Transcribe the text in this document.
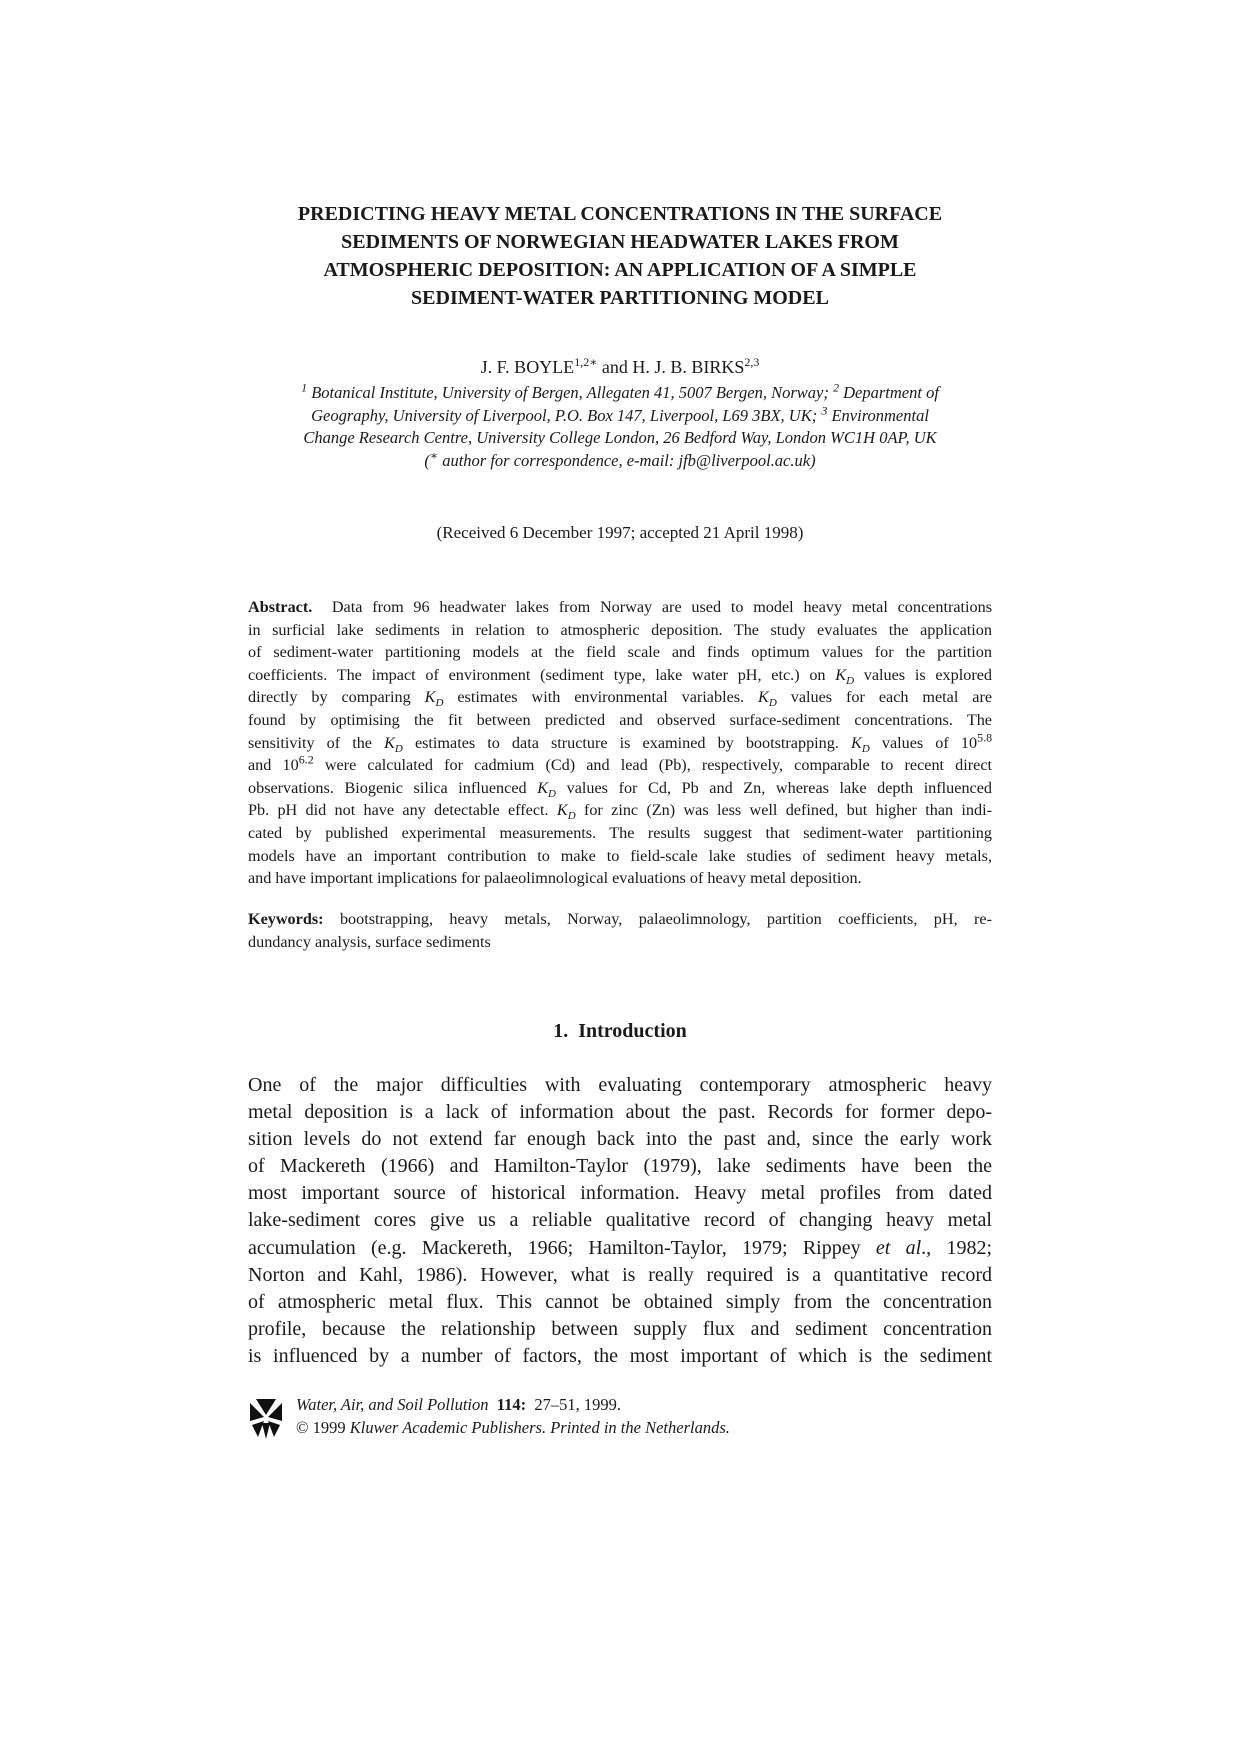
PREDICTING HEAVY METAL CONCENTRATIONS IN THE SURFACE
SEDIMENTS OF NORWEGIAN HEADWATER LAKES FROM
ATMOSPHERIC DEPOSITION: AN APPLICATION OF A SIMPLE
SEDIMENT-WATER PARTITIONING MODEL

J. F. $BOYLE^{1,2∗}$ and H. J. B. BIRKS$^{2,3}$

$^1$ Botanical Institute, University of Bergen, Allegaten 41, 5007 Bergen, Norway; $^2$ Department of
Geography, University of Liverpool, P.O. Box 147, Liverpool, L69 3BX, UK; $^3$ Environmental
Change Research Centre, University College London, 26 Bedford Way, London WC1H 0AP, UK
(∗ author for correspondence, e-mail: jfb@liverpool.ac.uk)

(Received 6 December 1997; accepted 21 April 1998)

Abstract. Data from 96 headwater lakes from Norway are used to model heavy metal concentrations
in surficial lake sediments in relation to atmospheric deposition. The study evaluates the application
of sediment-water partitioning models at the field scale and finds optimum values for the partition
coefficients. The impact of environment (sediment type, lake water pH, etc.) on $K_D$ values is explored
directly by comparing $K_D$ estimates with environmental variables. $K_D$ values for each metal are
found by optimising the fit between predicted and observed surface-sediment concentrations. The
sensitivity of the $K_D$ estimates to data structure is examined by bootstrapping. $K_D$ values of $10^{5.8}$
and $10^{6.2}$ were calculated for cadmium (Cd) and lead (Pb), respectively, comparable to recent direct
observations. Biogenic silica influenced $K_D$ values for Cd, Pb and Zn, whereas lake depth influenced
Pb. pH did not have any detectable effect. $K_D$ for zinc (Zn) was less well defined, but higher than indi-
cated by published experimental measurements. The results suggest that sediment-water partitioning
models have an important contribution to make to field-scale lake studies of sediment heavy metals,
and have important implications for palaeolimnological evaluations of heavy metal deposition.
Keywords: bootstrapping, heavy metals, Norway, palaeolimnology, partition coefficients, pH, re-
dundancy analysis, surface sediments
1. Introduction
One of the major difficulties with evaluating contemporary atmospheric heavy
metal deposition is a lack of information about the past. Records for former depo-
sition levels do not extend far enough back into the past and, since the early work
of Mackereth (1966) and Hamilton-Taylor (1979), lake sediments have been the
most important source of historical information. Heavy metal profiles from dated
lake-sediment cores give us a reliable qualitative record of changing heavy metal
accumulation (e.g. Mackereth, 1966; Hamilton-Taylor, 1979; Rippey et al., 1982;
Norton and Kahl, 1986). However, what is really required is a quantitative record
of atmospheric metal flux. This cannot be obtained simply from the concentration
profile, because the relationship between supply flux and sediment concentration
is influenced by a number of factors, the most important of which is the sediment
Water, Air, and Soil Pollution 114: 27–51, 1999.
© 1999 Kluwer Academic Publishers. Printed in the Netherlands.
